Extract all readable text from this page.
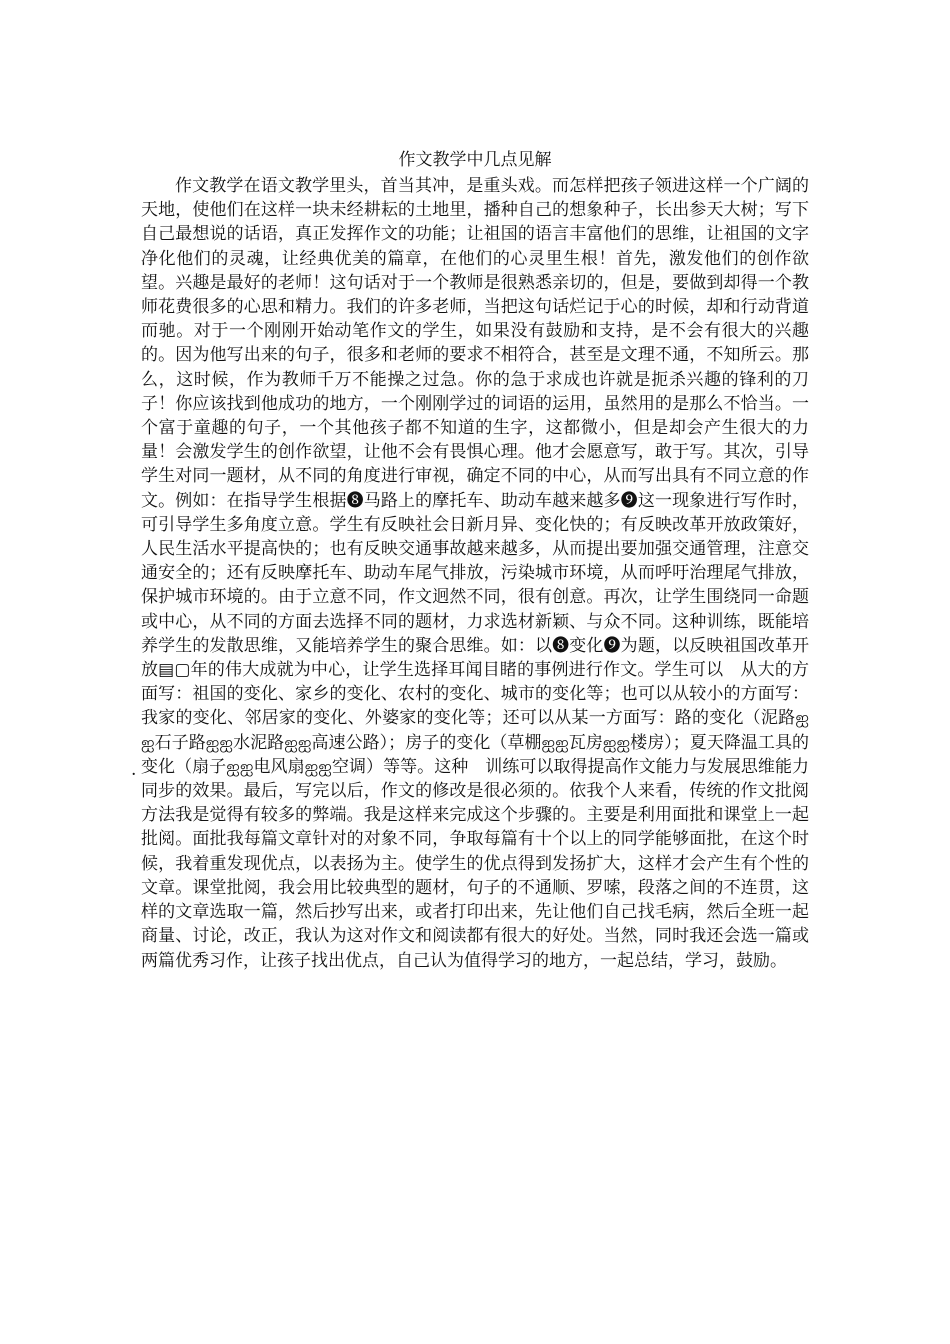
作文教学中几点见解

作文教学在语文教学里头，首当其冲，是重头戏。而怎样把孩子领进这样一个广阔的天地，使他们在这样一块未经耕耘的土地里，播种自己的想象种子，长出参天大树；写下自己最想说的话语，真正发挥作文的功能；让祖国的语言丰富他们的思维，让祖国的文字净化他们的灵魂，让经典优美的篇章，在他们的心灵里生根！首先，激发他们的创作欲望。兴趣是最好的老师！这句话对于一个教师是很熟悉亲切的，但是，要做到却得一个教师花费很多的心思和精力。我们的许多老师，当把这句话烂记于心的时候，却和行动背道而驰。对于一个刚刚开始动笔作文的学生，如果没有鼓励和支持，是不会有很大的兴趣的。因为他写出来的句子，很多和老师的要求不相符合，甚至是文理不通，不知所云。那么，这时候，作为教师千万不能操之过急。你的急于求成也许就是扼杀兴趣的锋利的刀子！你应该找到他成功的地方，一个刚刚学过的词语的运用，虽然用的是那么不恰当。一个富于童趣的句子，一个其他孩子都不知道的生字，这都微小，但是却会产生很大的力量！会激发学生的创作欲望，让他不会有畏惧心理。他才会愿意写，敢于写。其次，引导学生对同一题材，从不同的角度进行审视，确定不同的中心，从而写出具有不同立意的作文。例如：在指导学生根据❽马路上的摩托车、助动车越来越多❾这一现象进行写作时，可引导学生多角度立意。学生有反映社会日新月异、变化快的；有反映改革开放政策好，人民生活水平提高快的；也有反映交通事故越来越多，从而提出要加强交通管理，注意交通安全的；还有反映摩托车、助动车尾气排放，污染城市环境，从而呼吁治理尾气排放，保护城市环境的。由于立意不同，作文迥然不同，很有创意。再次，让学生围绕同一命题或中心，从不同的方面去选择不同的题材，力求选材新颖、与众不同。这种训练，既能培养学生的发散思维，又能培养学生的聚合思维。如：以❽变化❾为题，以反映祖国改革开放▤▢年的伟大成就为中心，让学生选择耳闻目睹的事例进行作文。学生可以　从大的方面写：祖国的变化、家乡的变化、农村的变化、城市的变化等；也可以从较小的方面写：我家的变化、邻居家的变化、外婆家的变化等；还可以从某一方面写：路的变化（泥路ஐஐ石子路ஐஐ水泥路ஐஐ高速公路）；房子的变化（草棚ஐஐ瓦房ஐஐ楼房）；夏天降温工具的变化（扇子ஐஐ电风扇ஐஐ空调）等等。这种　训练可以取得提高作文能力与发展思维能力同步的效果。最后，写完以后，作文的修改是很必须的。依我个人来看，传统的作文批阅方法我是觉得有较多的弊端。我是这样来完成这个步骤的。主要是利用面批和课堂上一起批阅。面批我每篇文章针对的对象不同，争取每篇有十个以上的同学能够面批，在这个时候，我着重发现优点，以表扬为主。使学生的优点得到发扬扩大，这样才会产生有个性的文章。课堂批阅，我会用比较典型的题材，句子的不通顺、罗嗦，段落之间的不连贯，这样的文章选取一篇，然后抄写出来，或者打印出来，先让他们自己找毛病，然后全班一起商量、讨论，改正，我认为这对作文和阅读都有很大的好处。当然，同时我还会选一篇或两篇优秀习作，让孩子找出优点，自己认为值得学习的地方，一起总结，学习，鼓励。

.
